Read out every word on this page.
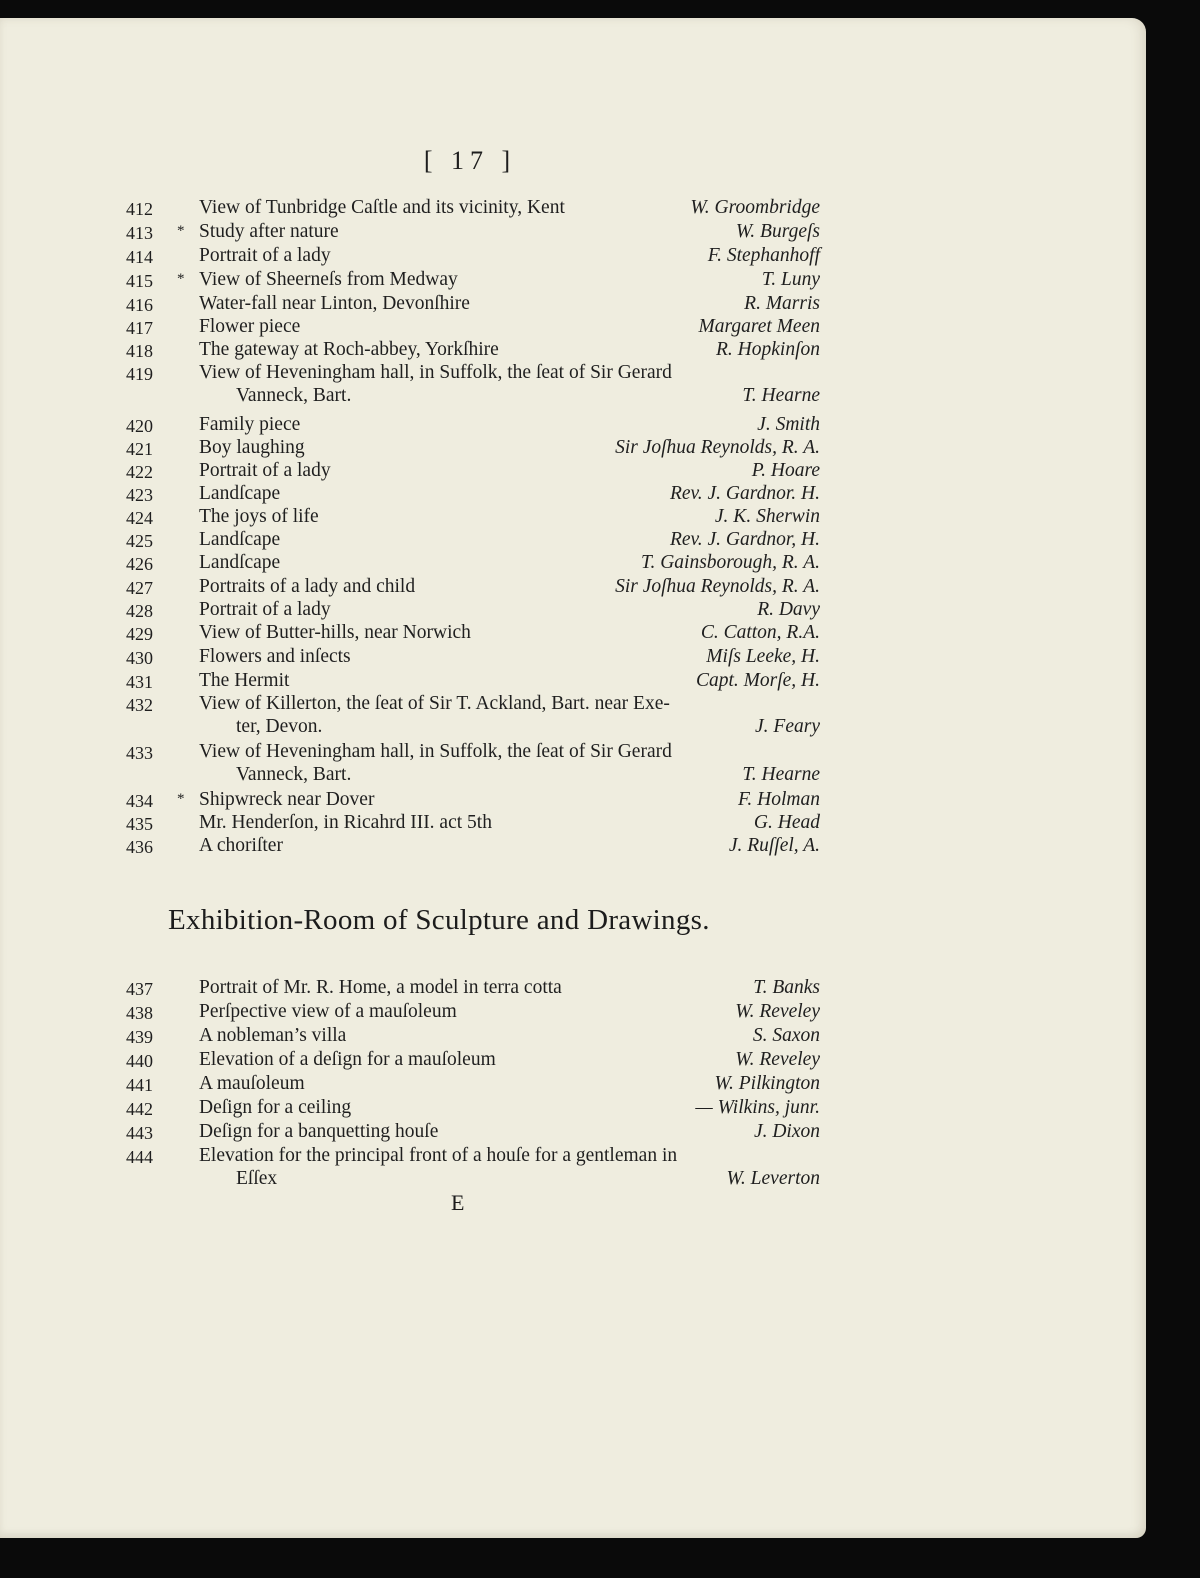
[ 17 ]
412 View of Tunbridge Caſtle and its vicinity, Kent	W. Groombridge
413 * Study after nature	W. Burgeſs
414 Portrait of a lady	F. Stephanhoff
415 * View of Sheerneſs from Medway	T. Luny
416 Water-fall near Linton, Devonſhire	R. Marris
417 Flower piece	Margaret Meen
418 The gateway at Roch-abbey, Yorkſhire	R. Hopkinſon
419 View of Heveningham hall, in Suffolk, the ſeat of Sir Gerard
Vanneck, Bart.	T. Hearne
420 Family piece	J. Smith
421 Boy laughing	Sir Joſhua Reynolds, R. A.
422 Portrait of a lady	P. Hoare
423 Landſcape	Rev. J. Gardnor. H.
424 The joys of life	J. K. Sherwin
425 Landſcape	Rev. J. Gardnor, H.
426 Landſcape	T. Gainsborough, R. A.
427 Portraits of a lady and child	Sir Joſhua Reynolds, R. A.
428 Portrait of a lady	R. Davy
429 View of Butter-hills, near Norwich	C. Catton, R.A.
430 Flowers and inſects	Miſs Leeke, H.
431 The Hermit	Capt. Morſe, H.
432 View of Killerton, the ſeat of Sir T. Ackland, Bart. near Exe-
ter, Devon.	J. Feary
433 View of Heveningham hall, in Suffolk, the ſeat of Sir Gerard
Vanneck, Bart.	T. Hearne
434 * Shipwreck near Dover	F. Holman
435 Mr. Henderſon, in Ricahrd III. act 5th	G. Head
436 A choriſter	J. Ruſſel, A.
Exhibition-Room of Sculpture and Drawings.
437 Portrait of Mr. R. Home, a model in terra cotta	T. Banks
438 Perſpective view of a mauſoleum	W. Reveley
439 A nobleman’s villa	S. Saxon
440 Elevation of a deſign for a mauſoleum	W. Reveley
441 A mauſoleum	W. Pilkington
442 Deſign for a ceiling	— Wilkins, junr.
443 Deſign for a banquetting houſe	J. Dixon
444 Elevation for the principal front of a houſe for a gentleman in
Eſſex	W. Leverton

E
